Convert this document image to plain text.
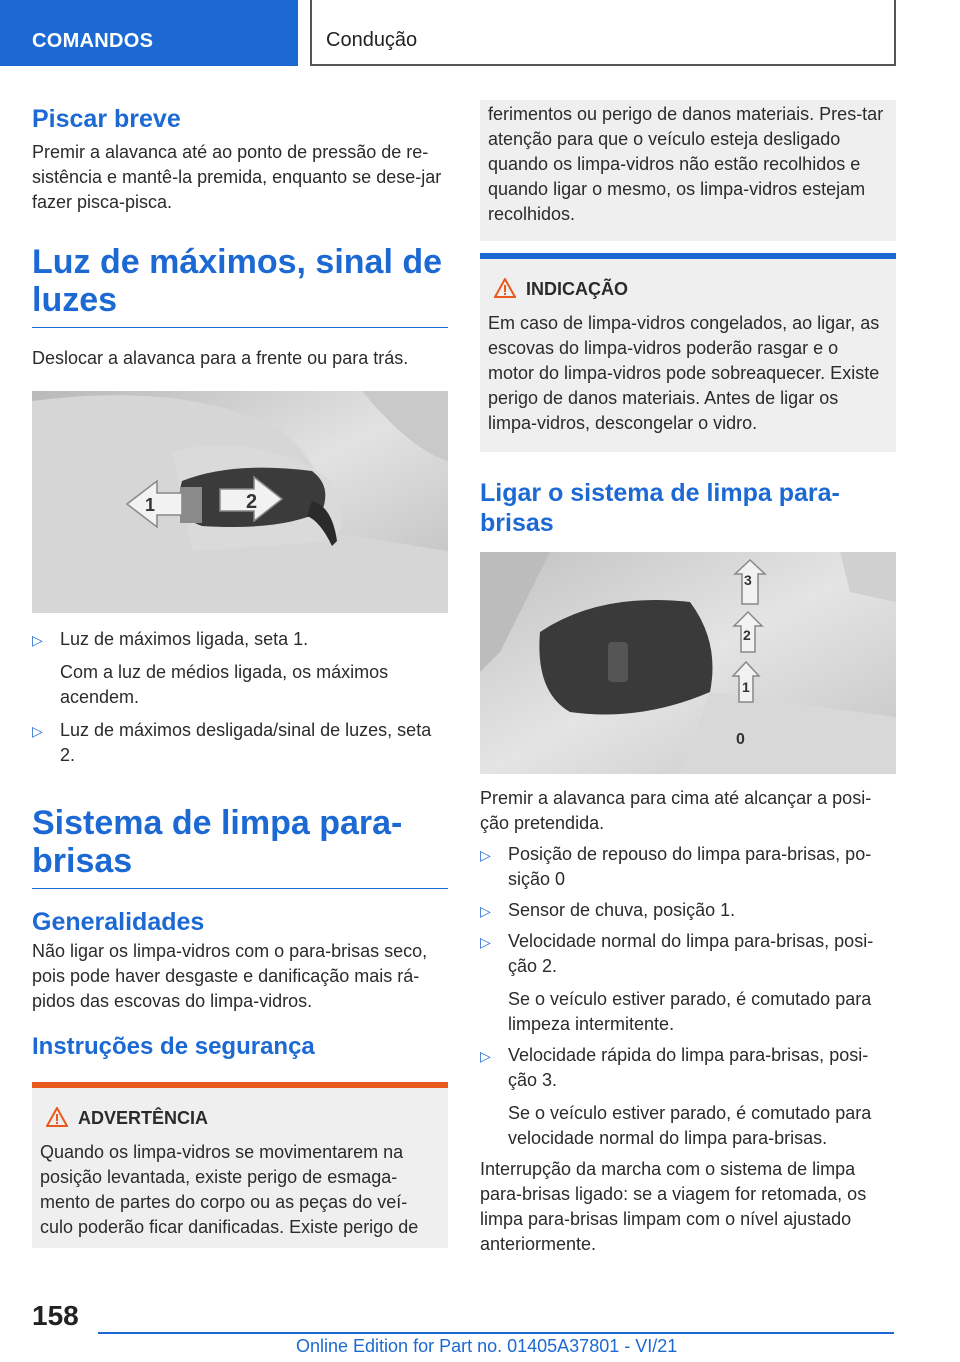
COMANDOS	Condução
Piscar breve
Premir a alavanca até ao ponto de pressão de re-sistência e mantê-la premida, enquanto se dese-jar fazer pisca-pisca.
Luz de máximos, sinal de luzes
Deslocar a alavanca para a frente ou para trás.
1	2
▷ Luz de máximos ligada, seta 1.
Com a luz de médios ligada, os máximos acendem.
▷ Luz de máximos desligada/sinal de luzes, seta 2.
Sistema de limpa para-brisas
Generalidades
Não ligar os limpa-vidros com o para-brisas seco, pois pode haver desgaste e danificação mais rá-pidos das escovas do limpa-vidros.
Instruções de segurança
ADVERTÊNCIA
Quando os limpa-vidros se movimentarem na posição levantada, existe perigo de esmaga-mento de partes do corpo ou as peças do veí-culo poderão ficar danificadas. Existe perigo de
ferimentos ou perigo de danos materiais. Pres-tar atenção para que o veículo esteja desligado quando os limpa-vidros não estão recolhidos e quando ligar o mesmo, os limpa-vidros estejam recolhidos.
INDICAÇÃO
Em caso de limpa-vidros congelados, ao ligar, as escovas do limpa-vidros poderão rasgar e o motor do limpa-vidros pode sobreaquecer. Existe perigo de danos materiais. Antes de ligar os limpa-vidros, descongelar o vidro.
Ligar o sistema de limpa para-brisas
3
2
1
0
Premir a alavanca para cima até alcançar a posi-ção pretendida.
▷ Posição de repouso do limpa para-brisas, po-sição 0
▷ Sensor de chuva, posição 1.
▷ Velocidade normal do limpa para-brisas, posi-ção 2.
Se o veículo estiver parado, é comutado para limpeza intermitente.
▷ Velocidade rápida do limpa para-brisas, posi-ção 3.
Se o veículo estiver parado, é comutado para velocidade normal do limpa para-brisas.
Interrupção da marcha com o sistema de limpa para-brisas ligado: se a viagem for retomada, os limpa para-brisas limpam com o nível ajustado anteriormente.
158
Online Edition for Part no. 01405A37801 - VI/21
